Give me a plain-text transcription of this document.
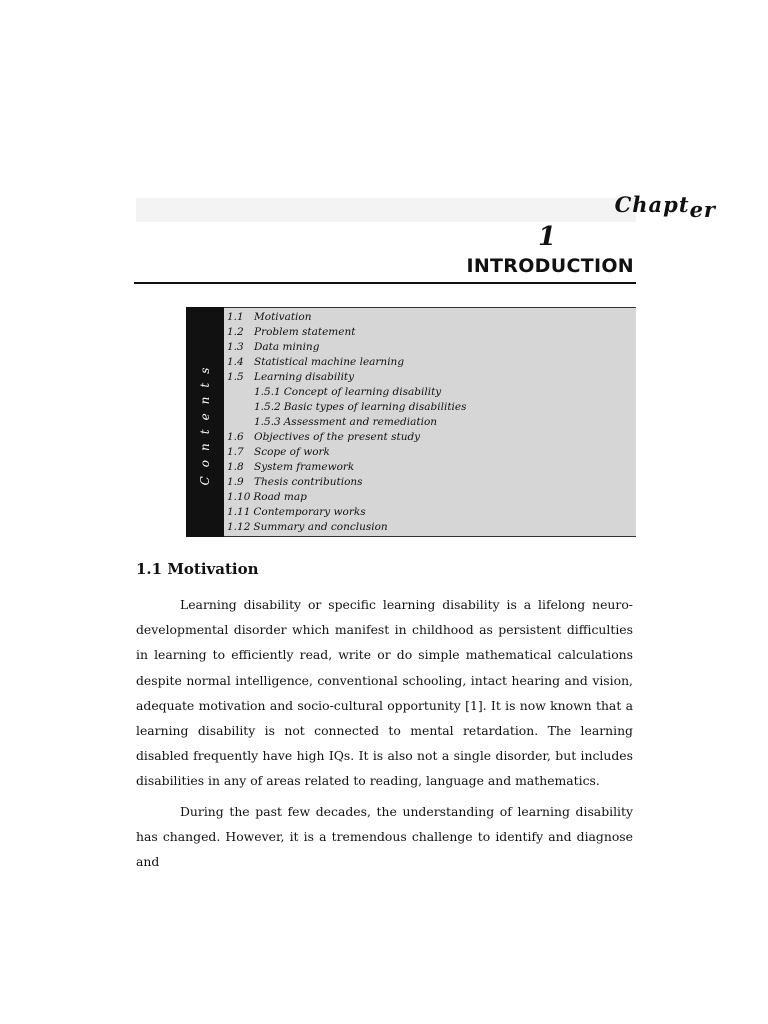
Chapter
1
INTRODUCTION
Contents
1.1 Motivation
1.2 Problem statement
1.3 Data mining
1.4 Statistical machine learning
1.5 Learning disability
1.5.1 Concept of learning disability
1.5.2 Basic types of learning disabilities
1.5.3 Assessment and remediation
1.6 Objectives of the present study
1.7 Scope of work
1.8 System framework
1.9 Thesis contributions
1.10 Road map
1.11 Contemporary works
1.12 Summary and conclusion
1.1 Motivation

Learning disability or specific learning disability is a lifelong neuro-developmental disorder which manifest in childhood as persistent difficulties in learning to efficiently read, write or do simple mathematical calculations despite normal intelligence, conventional schooling, intact hearing and vision, adequate motivation and socio-cultural opportunity [1]. It is now known that a learning disability is not connected to mental retardation. The learning disabled frequently have high IQs. It is also not a single disorder, but includes disabilities in any of areas related to reading, language and mathematics.

During the past few decades, the understanding of learning disability has changed. However, it is a tremendous challenge to identify and diagnose and
